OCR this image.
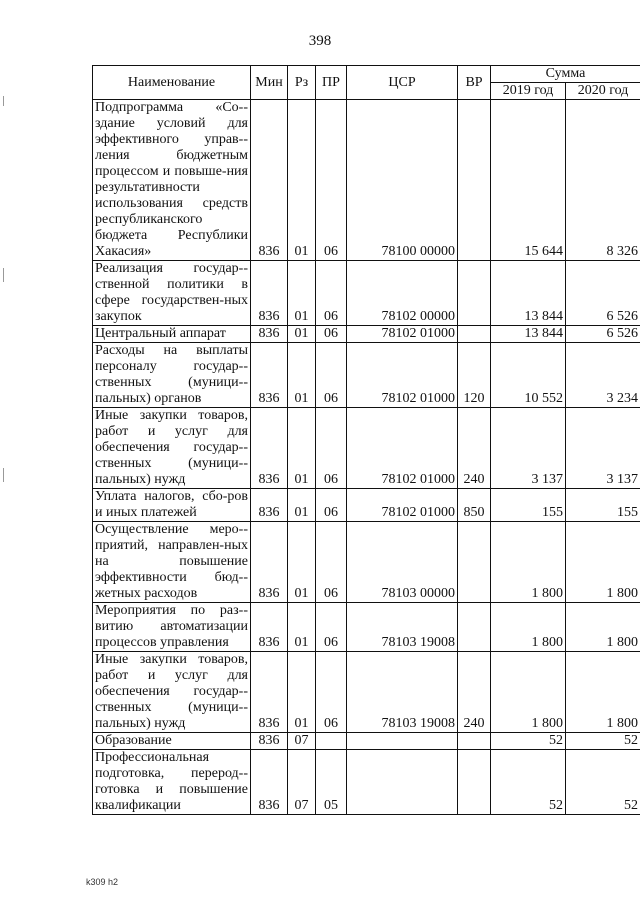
398
Наименование	Мин	Рз	ПР	ЦСР	ВР	Сумма	
						2019 год	2020 год
Подпрограмма «Со-здание условий для эффективного управ-ления бюджетным процессом и повыше-ния результативности использования средств республиканского бюджета Республики Хакасия»	836	01	06	78100 00000		15 644	8 326
Реализация государ-ственной политики в сфере государствен-ных закупок	836	01	06	78102 00000		13 844	6 526
Центральный аппарат	836	01	06	78102 01000		13 844	6 526
Расходы на выплаты персоналу государ-ственных (муници-пальных) органов	836	01	06	78102 01000	120	10 552	3 234
Иные закупки товаров, работ и услуг для обеспечения государ-ственных (муници-пальных) нужд	836	01	06	78102 01000	240	3 137	3 137
Уплата налогов, сбо-ров и иных платежей	836	01	06	78102 01000	850	155	155
Осуществление меро-приятий, направлен-ных на повышение эффективности бюд-жетных расходов	836	01	06	78103 00000		1 800	1 800
Мероприятия по раз-витию автоматизации процессов управления	836	01	06	78103 19008		1 800	1 800
Иные закупки товаров, работ и услуг для обеспечения государ-ственных (муници-пальных) нужд	836	01	06	78103 19008	240	1 800	1 800
Образование	836	07				52	52
Профессиональная подготовка, переpод-готовка и повышение квалификации	836	07	05			52	52
k309 h2
